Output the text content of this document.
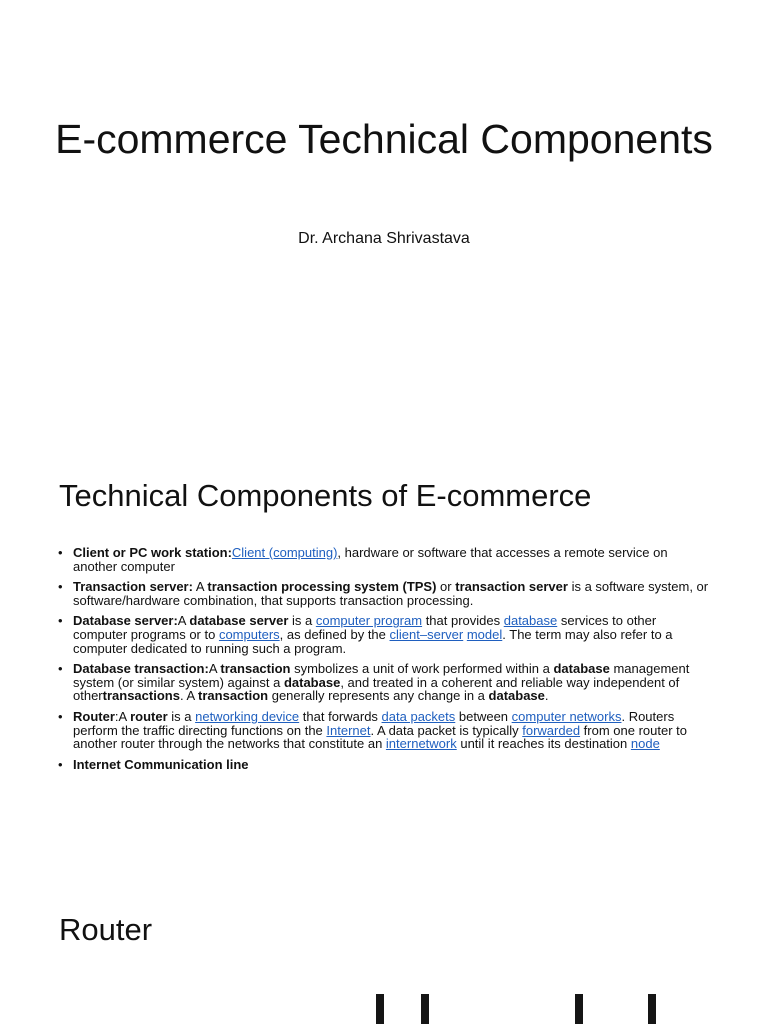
E-commerce Technical Components
Dr. Archana Shrivastava
Technical Components of E-commerce
• Client or PC work station:Client (computing), hardware or software that accesses a remote service on another computer
• Transaction server: A transaction processing system (TPS) or transaction server is a software system, or software/hardware combination, that supports transaction processing.
• Database server:A database server is a computer program that provides database services to other computer programs or to computers, as defined by the client–server model. The term may also refer to a computer dedicated to running such a program.
• Database transaction:A transaction symbolizes a unit of work performed within a database management system (or similar system) against a database, and treated in a coherent and reliable way independent of othertransactions. A transaction generally represents any change in a database.
• Router:A router is a networking device that forwards data packets between computer networks. Routers perform the traffic directing functions on the Internet. A data packet is typically forwarded from one router to another router through the networks that constitute an internetwork until it reaches its destination node
• Internet Communication line
Router
